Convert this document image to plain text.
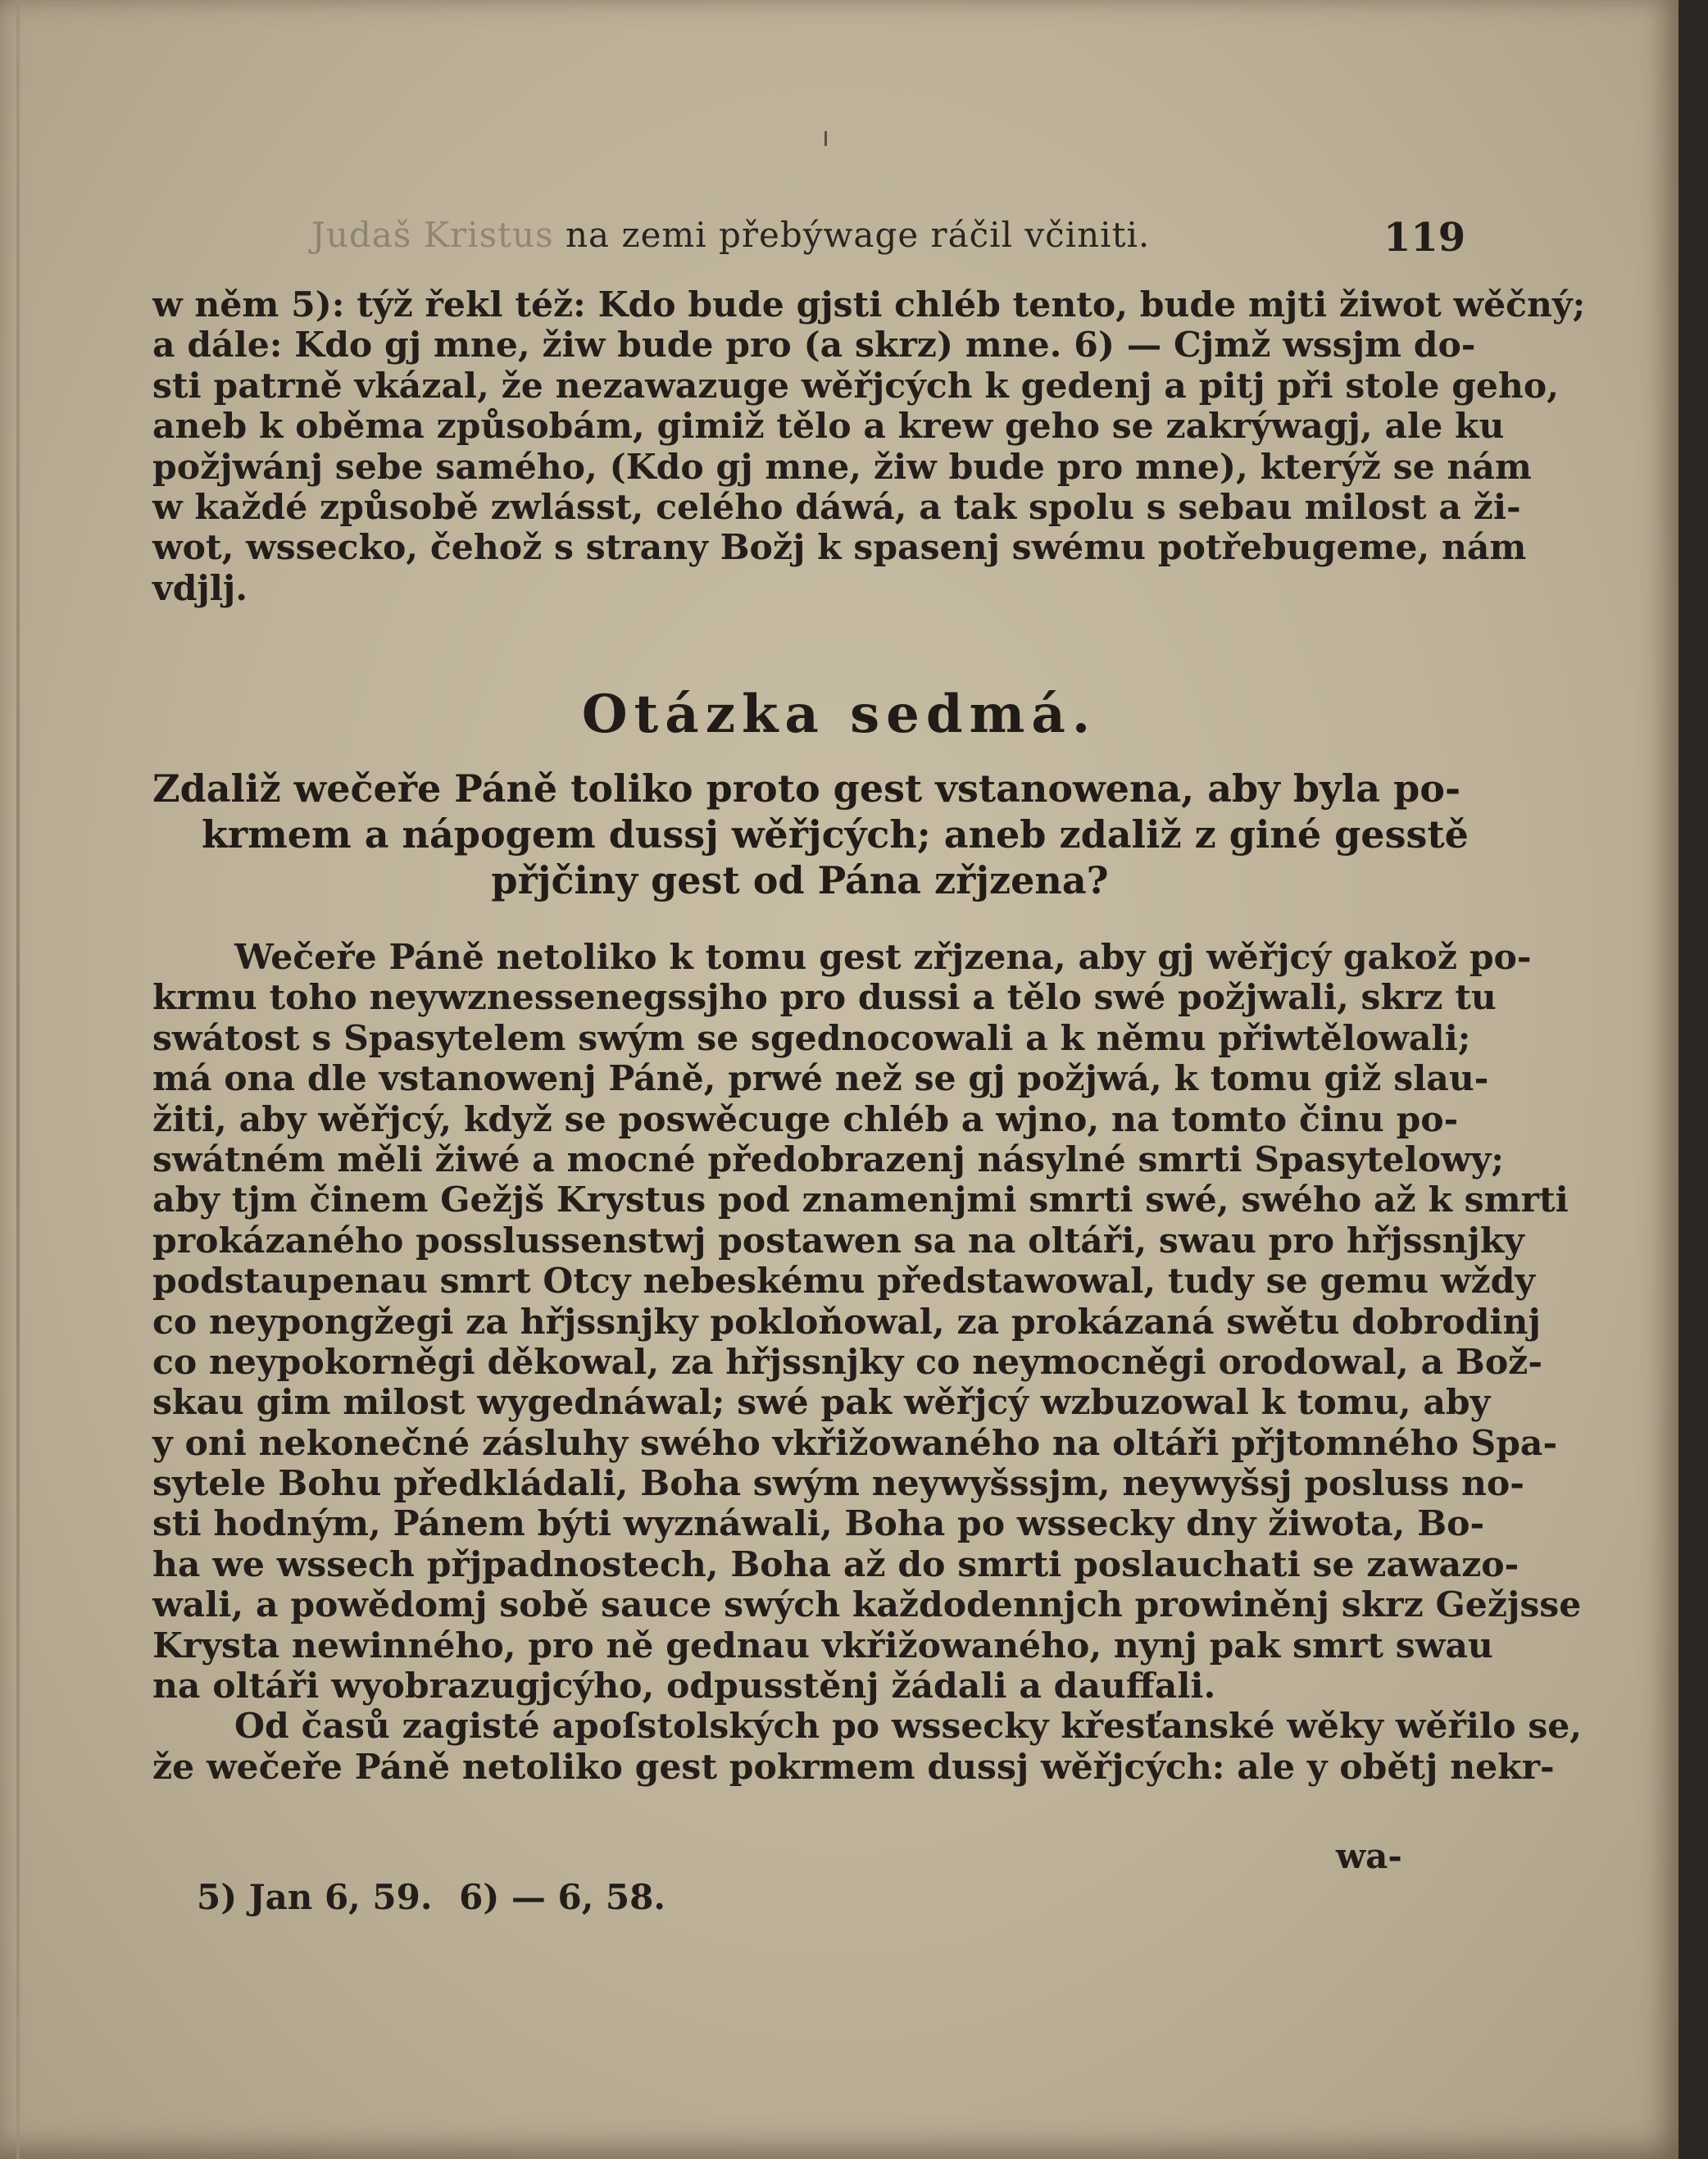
Judaš Kristus na zemi přebýwage ráčil včiniti.	119
w něm 5): týž řekl též: Kdo bude gjsti chléb tento, bude mjti žiwot wěčný;
a dále: Kdo gj mne, žiw bude pro (a skrz) mne. 6) — Cjmž wssjm do-
sti patrně vkázal, že nezawazuge wěřjcých k gedenj a pitj při stole geho,
aneb k oběma způsobám, gimiž tělo a krew geho se zakrýwagj, ale ku
požjwánj sebe samého, (Kdo gj mne, žiw bude pro mne), kterýž se nám
w každé způsobě zwlásst, celého dáwá, a tak spolu s sebau milost a ži-
wot, wssecko, čehož s strany Božj k spasenj swému potřebugeme, nám
vdjlj.
Otázka sedmá.
Zdaliž wečeře Páně toliko proto gest vstanowena, aby byla po-
krmem a nápogem dussj wěřjcých; aneb zdaliž z giné gesstě
přjčiny gest od Pána zřjzena?
Wečeře Páně netoliko k tomu gest zřjzena, aby gj wěřjcý gakož po-
krmu toho neywznessenegssjho pro dussi a tělo swé požjwali, skrz tu
swátost s Spasytelem swým se sgednocowali a k němu přiwtělowali;
má ona dle vstanowenj Páně, prwé než se gj požjwá, k tomu giž slau-
žiti, aby wěřjcý, když se poswěcuge chléb a wjno, na tomto činu po-
swátném měli žiwé a mocné předobrazenj násylné smrti Spasytelowy;
aby tjm činem Gežjš Krystus pod znamenjmi smrti swé, swého až k smrti
prokázaného posslussenstwj postawen sa na oltáři, swau pro hřjssnjky
podstaupenau smrt Otcy nebeskému předstawowal, tudy se gemu wždy
co neypongžegi za hřjssnjky pokloňowal, za prokázaná swětu dobrodinj
co neypokorněgi děkowal, za hřjssnjky co neymocněgi orodowal, a Bož-
skau gim milost wygednáwal; swé pak wěřjcý wzbuzowal k tomu, aby
y oni nekonečné zásluhy swého vkřižowaného na oltáři přjtomného Spa-
sytele Bohu předkládali, Boha swým neywyšssjm, neywyšsj posluss no-
sti hodným, Pánem býti wyznáwali, Boha po wssecky dny žiwota, Bo-
ha we wssech přjpadnostech, Boha až do smrti poslauchati se zawazo-
wali, a powědomj sobě sauce swých každodennjch prowiněnj skrz Gežjsse
Krysta newinného, pro ně gednau vkřižowaného, nynj pak smrt swau
na oltáři wyobrazugjcýho, odpusstěnj žádali a dauffali.
Od časů zagisté apoſstolských po wssecky křesťanské wěky wěřilo se,
že wečeře Páně netoliko gest pokrmem dussj wěřjcých: ale y obětj nekr-
wa-
5) Jan 6, 59. 6) — 6, 58.
